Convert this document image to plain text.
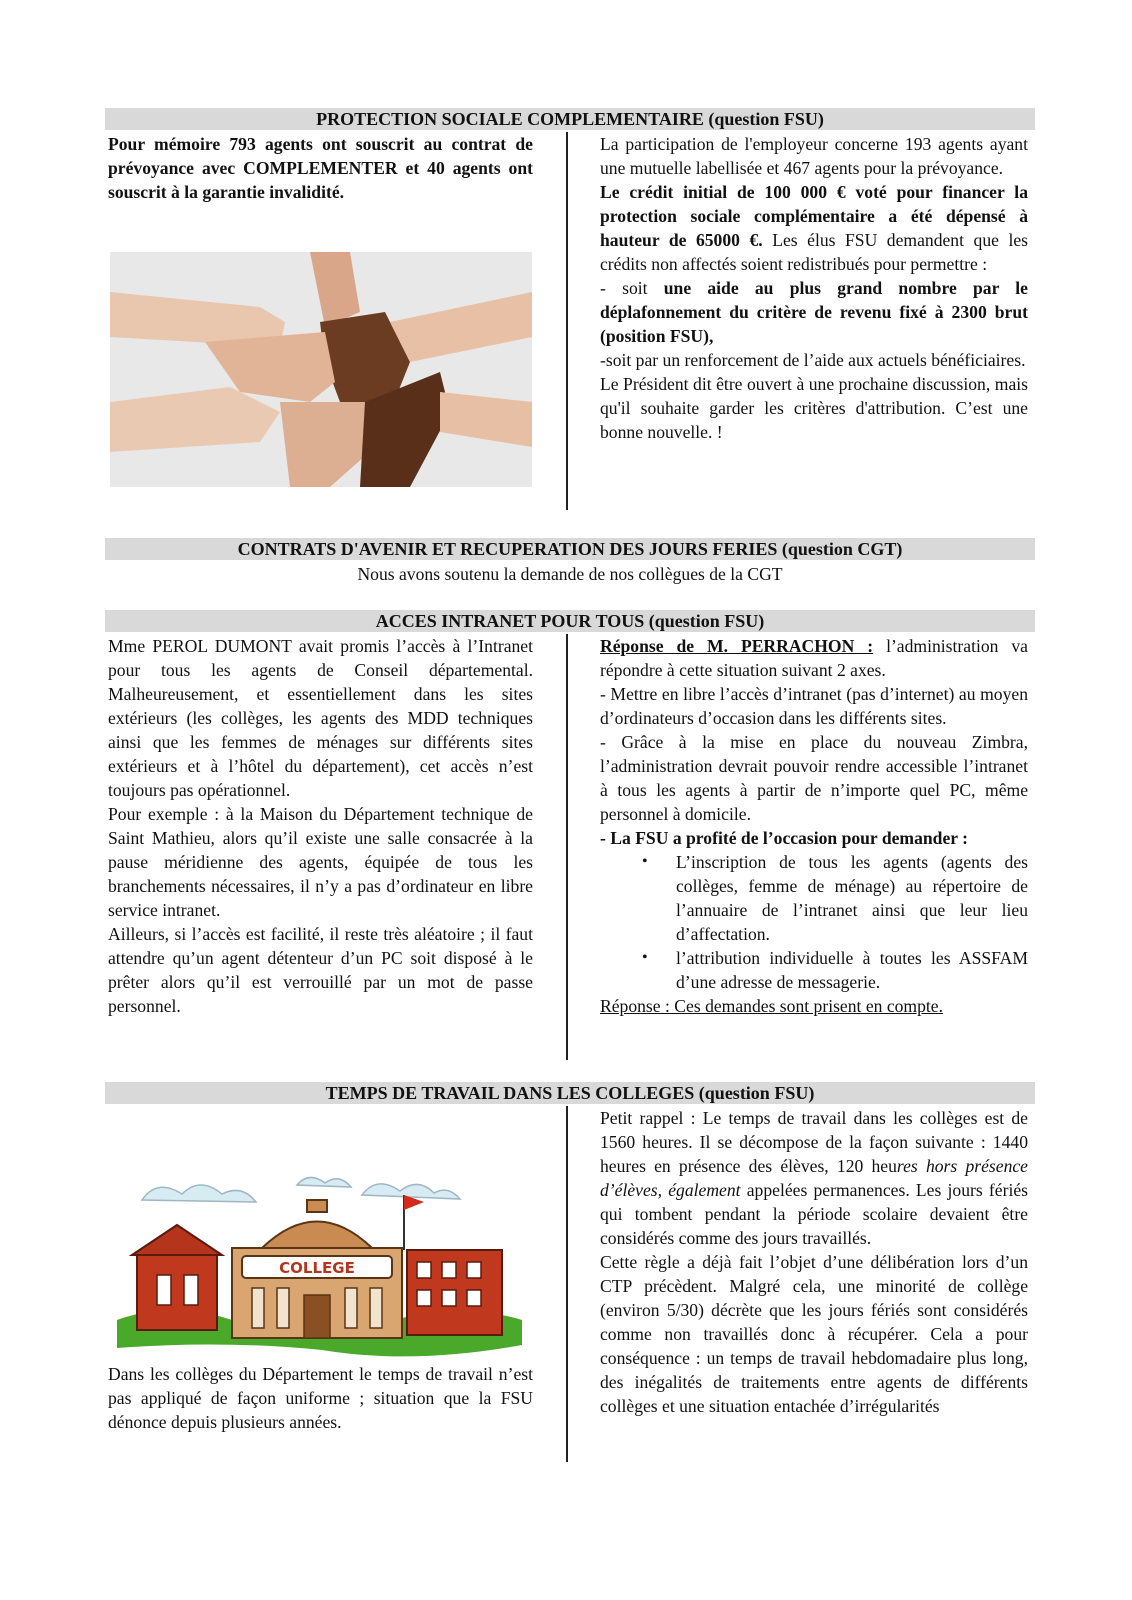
PROTECTION SOCIALE COMPLEMENTAIRE (question FSU)

Pour mémoire 793 agents ont souscrit au contrat de prévoyance avec COMPLEMENTER et 40 agents ont souscrit à la garantie invalidité.

La participation de l'employeur concerne 193 agents ayant une mutuelle labellisée et 467 agents pour la prévoyance.

Le crédit initial de 100 000 € voté pour financer la protection sociale complémentaire a été dépensé à hauteur de 65000 €. Les élus FSU demandent que les crédits non affectés soient redistribués pour permettre :

- soit une aide au plus grand nombre par le déplafonnement du critère de revenu fixé à 2300 brut (position FSU),

-soit par un renforcement de l’aide aux actuels bénéficiaires.

Le Président dit être ouvert à une prochaine discussion, mais qu'il souhaite garder les critères d'attribution. C’est une bonne nouvelle. !

CONTRATS D'AVENIR ET RECUPERATION DES JOURS FERIES (question CGT)

Nous avons soutenu la demande de nos collègues de la CGT

ACCES INTRANET POUR TOUS (question FSU)

Mme PEROL DUMONT avait promis l’accès à l’Intranet pour tous les agents de Conseil départemental. Malheureusement, et essentiellement dans les sites extérieurs (les collèges, les agents des MDD techniques ainsi que les femmes de ménages sur différents sites extérieurs et à l’hôtel du département), cet accès n’est toujours pas opérationnel.

Pour exemple : à la Maison du Département technique de Saint Mathieu, alors qu’il existe une salle consacrée à la pause méridienne des agents, équipée de tous les branchements nécessaires, il n’y a pas d’ordinateur en libre service intranet.

Ailleurs, si l’accès est facilité, il reste très aléatoire ; il faut attendre qu’un agent détenteur d’un PC soit disposé à le prêter alors qu’il est verrouillé par un mot de passe personnel.

Réponse de M. PERRACHON : l’administration va répondre à cette situation suivant 2 axes.

- Mettre en libre l’accès d’intranet (pas d’internet) au moyen d’ordinateurs d’occasion dans les différents sites.

- Grâce à la mise en place du nouveau Zimbra, l’administration devrait pouvoir rendre accessible l’intranet à tous les agents à partir de n’importe quel PC, même personnel à domicile.

- La FSU a profité de l’occasion pour demander :

• L’inscription de tous les agents (agents des collèges, femme de ménage) au répertoire de l’annuaire de l’intranet ainsi que leur lieu d’affectation.
• l’attribution individuelle à toutes les ASSFAM d’une adresse de messagerie.

Réponse : Ces demandes sont prisent en compte.

TEMPS DE TRAVAIL DANS LES COLLEGES (question FSU)
COLLEGE

Dans les collèges du Département le temps de travail n’est pas appliqué de façon uniforme ; situation que la FSU dénonce depuis plusieurs années.

Petit rappel : Le temps de travail dans les collèges est de 1560 heures. Il se décompose de la façon suivante : 1440 heures en présence des élèves, 120 heures hors présence d’élèves, également appelées permanences. Les jours fériés qui tombent pendant la période scolaire devaient être considérés comme des jours travaillés.

Cette règle a déjà fait l’objet d’une délibération lors d’un CTP précèdent. Malgré cela, une minorité de collège (environ 5/30) décrète que les jours fériés sont considérés comme non travaillés donc à récupérer. Cela a pour conséquence : un temps de travail hebdomadaire plus long, des inégalités de traitements entre agents de différents collèges et une situation entachée d’irrégularités
